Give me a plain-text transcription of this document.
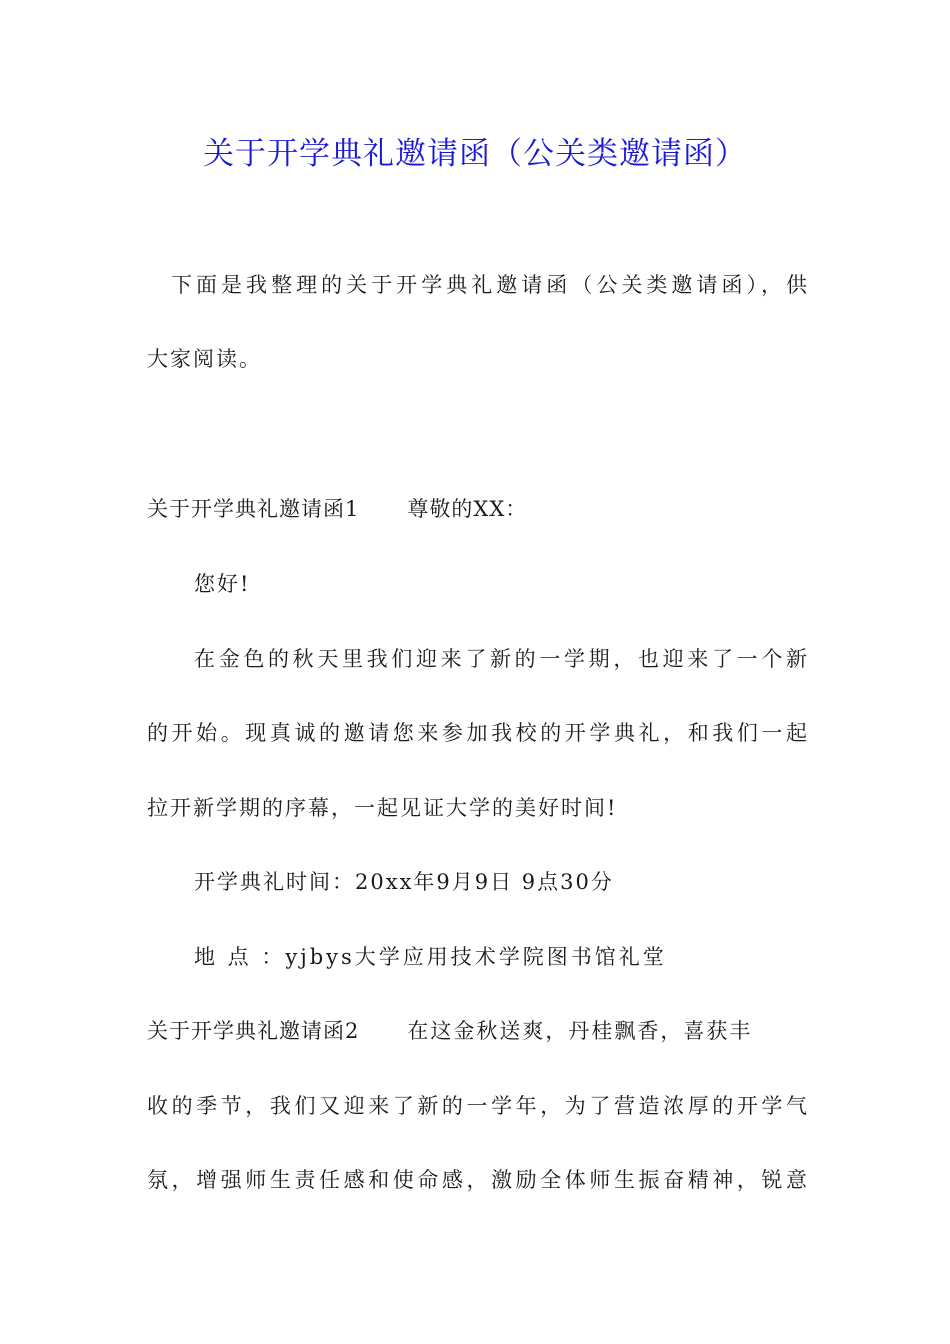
关于开学典礼邀请函（公关类邀请函）
下面是我整理的关于开学典礼邀请函（公关类邀请函），供
大家阅读。
关于开学典礼邀请函1 尊敬的XX：
您好!
在金色的秋天里我们迎来了新的一学期，也迎来了一个新
的开始。现真诚的邀请您来参加我校的开学典礼，和我们一起
拉开新学期的序幕，一起见证大学的美好时间!
开学典礼时间：20xx年9月9日 9点30分
地 点 ：yjbys大学应用技术学院图书馆礼堂
关于开学典礼邀请函2 在这金秋送爽，丹桂飘香，喜获丰
收的季节，我们又迎来了新的一学年，为了营造浓厚的开学气
氛，增强师生责任感和使命感，激励全体师生振奋精神，锐意
